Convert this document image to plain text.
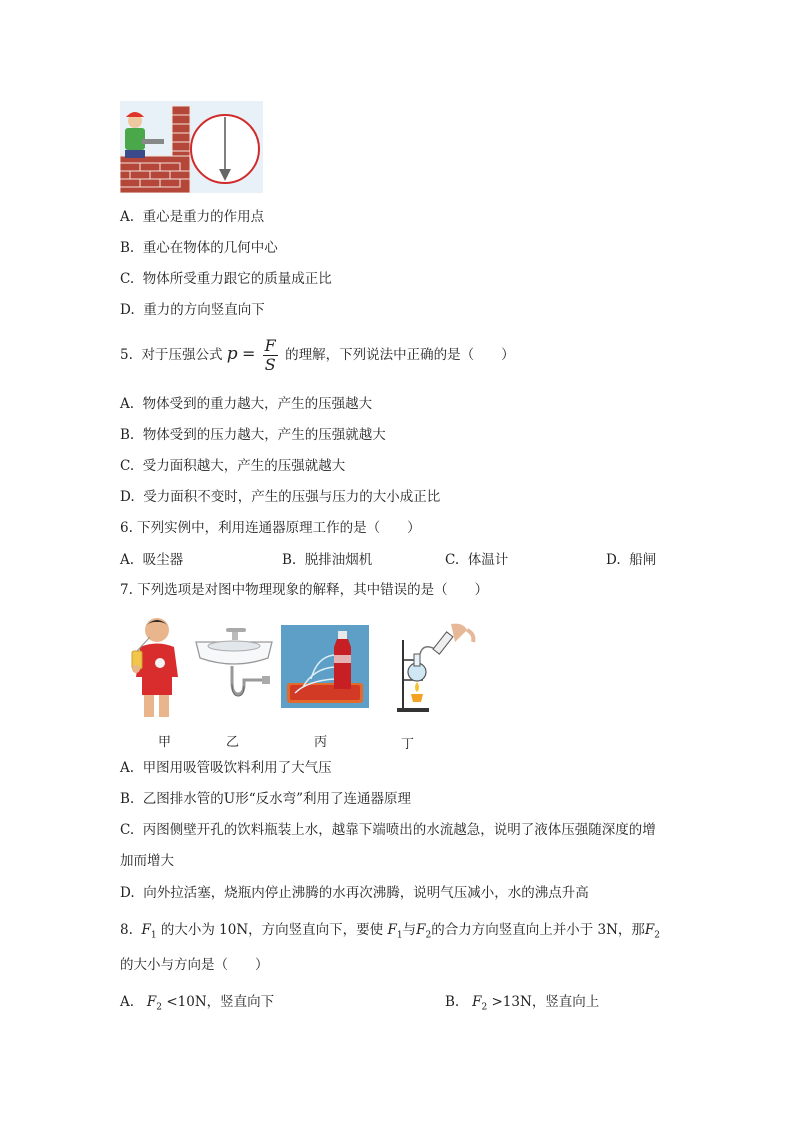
A. 重心是重力的作用点
B. 重心在物体的几何中心
C. 物体所受重力跟它的质量成正比
D. 重力的方向竖直向下
5. 对于压强公式 $p = \frac{F}{S}$ 的理解，下列说法中正确的是（　　）
A. 物体受到的重力越大，产生的压强越大
B. 物体受到的压力越大，产生的压强就越大
C. 受力面积越大，产生的压强就越大
D. 受力面积不变时，产生的压强与压力的大小成正比
6. 下列实例中，利用连通器原理工作的是（　　）
A. 吸尘器	B. 脱排油烟机	C. 体温计	D. 船闸
7. 下列选项是对图中物理现象的解释，其中错误的是（　　）
甲	乙	丙	丁
A. 甲图用吸管吸饮料利用了大气压
B. 乙图排水管的U形“反水弯”利用了连通器原理
C. 丙图侧壁开孔的饮料瓶装上水，越靠下端喷出的水流越急，说明了液体压强随深度的增
加而增大
D. 向外拉活塞，烧瓶内停止沸腾的水再次沸腾，说明气压减小，水的沸点升高
8. $F_1$ 的大小为 10N，方向竖直向下，要使 $F_1$与$F_2$的合力方向竖直向上并小于 3N，那$F_2$
的大小与方向是（　　）
A. $F_2 <10N$，竖直向下	B. $F_2 >13N$，竖直向上
